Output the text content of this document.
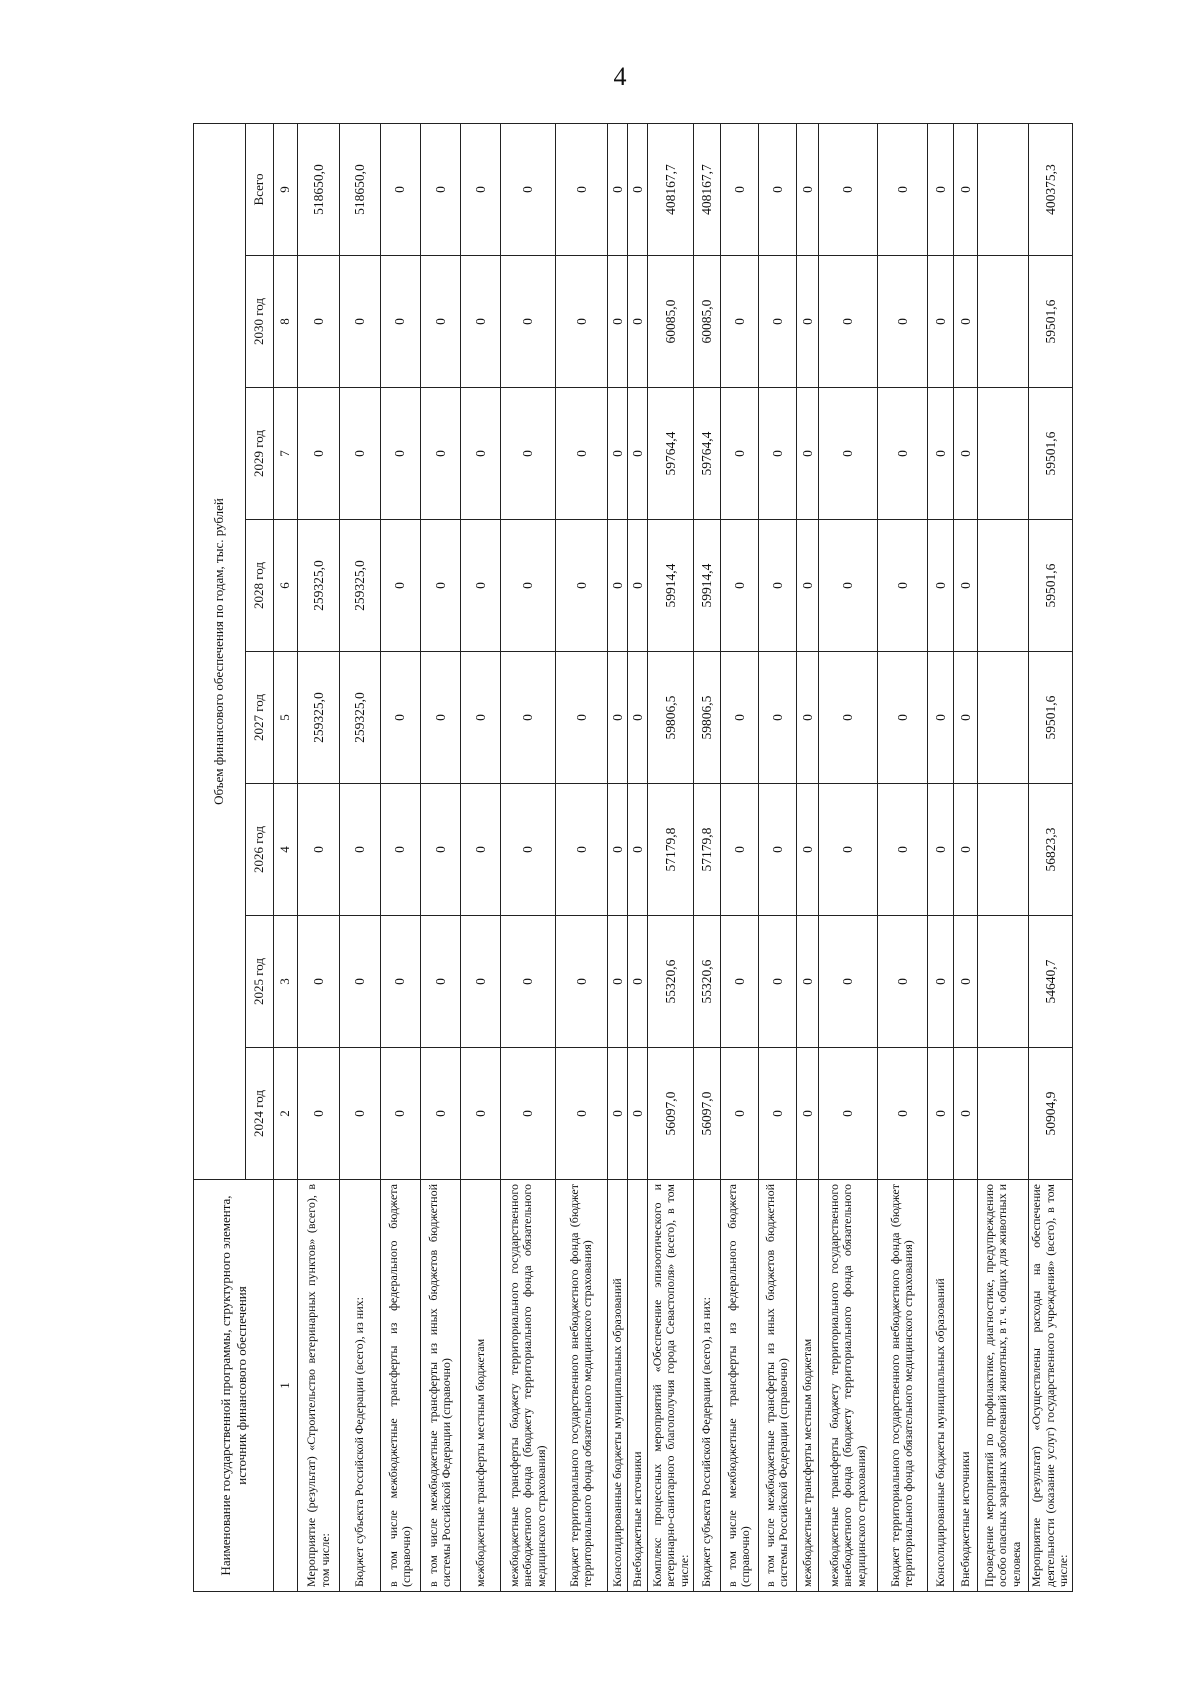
4
Наименование государственной программы, структурного элемента, источник финансового обеспечения	Объем финансового обеспечения по годам, тыс. рублей							
	2024 год	2025 год	2026 год	2027 год	2028 год	2029 год	2030 год	Всего
1	2	3	4	5	6	7	8	9
Мероприятие (результат) «Строительство ветеринарных пунктов» (всего), в том числе:	0	0	0	259325,0	259325,0	0	0	518650,0
Бюджет субъекта Российской Федерации (всего), из них:	0	0	0	259325,0	259325,0	0	0	518650,0
в том числе межбюджетные трансферты из федерального бюджета (справочно)	0	0	0	0	0	0	0	0
в том числе межбюджетные трансферты из иных бюджетов бюджетной системы Российской Федерации (справочно)	0	0	0	0	0	0	0	0
межбюджетные трансферты местным бюджетам	0	0	0	0	0	0	0	0
межбюджетные трансферты бюджету территориального государственного внебюджетного фонда (бюджету территориального фонда обязательного медицинского страхования)	0	0	0	0	0	0	0	0
Бюджет территориального государственного внебюджетного фонда (бюджет территориального фонда обязательного медицинского страхования)	0	0	0	0	0	0	0	0
Консолидированные бюджеты муниципальных образований	0	0	0	0	0	0	0	0
Внебюджетные источники	0	0	0	0	0	0	0	0
Комплекс процессных мероприятий «Обеспечение эпизоотического и ветеринарно-санитарного благополучия города Севастополя» (всего), в том числе:	56097,0	55320,6	57179,8	59806,5	59914,4	59764,4	60085,0	408167,7
Бюджет субъекта Российской Федерации (всего), из них:	56097,0	55320,6	57179,8	59806,5	59914,4	59764,4	60085,0	408167,7
в том числе межбюджетные трансферты из федерального бюджета (справочно)	0	0	0	0	0	0	0	0
в том числе межбюджетные трансферты из иных бюджетов бюджетной системы Российской Федерации (справочно)	0	0	0	0	0	0	0	0
межбюджетные трансферты местным бюджетам	0	0	0	0	0	0	0	0
межбюджетные трансферты бюджету территориального государственного внебюджетного фонда (бюджету территориального фонда обязательного медицинского страхования)	0	0	0	0	0	0	0	0
Бюджет территориального государственного внебюджетного фонда (бюджет территориального фонда обязательного медицинского страхования)	0	0	0	0	0	0	0	0
Консолидированные бюджеты муниципальных образований	0	0	0	0	0	0	0	0
Внебюджетные источники	0	0	0	0	0	0	0	0
Проведение мероприятий по профилактике, диагностике, предупреждению особо опасных заразных заболеваний животных, в т. ч. общих для животных и человека								
Мероприятие (результат) «Осуществлены расходы на обеспечение деятельности (оказание услуг) государственного учреждения» (всего), в том числе:	50904,9	54640,7	56823,3	59501,6	59501,6	59501,6	59501,6	400375,3
